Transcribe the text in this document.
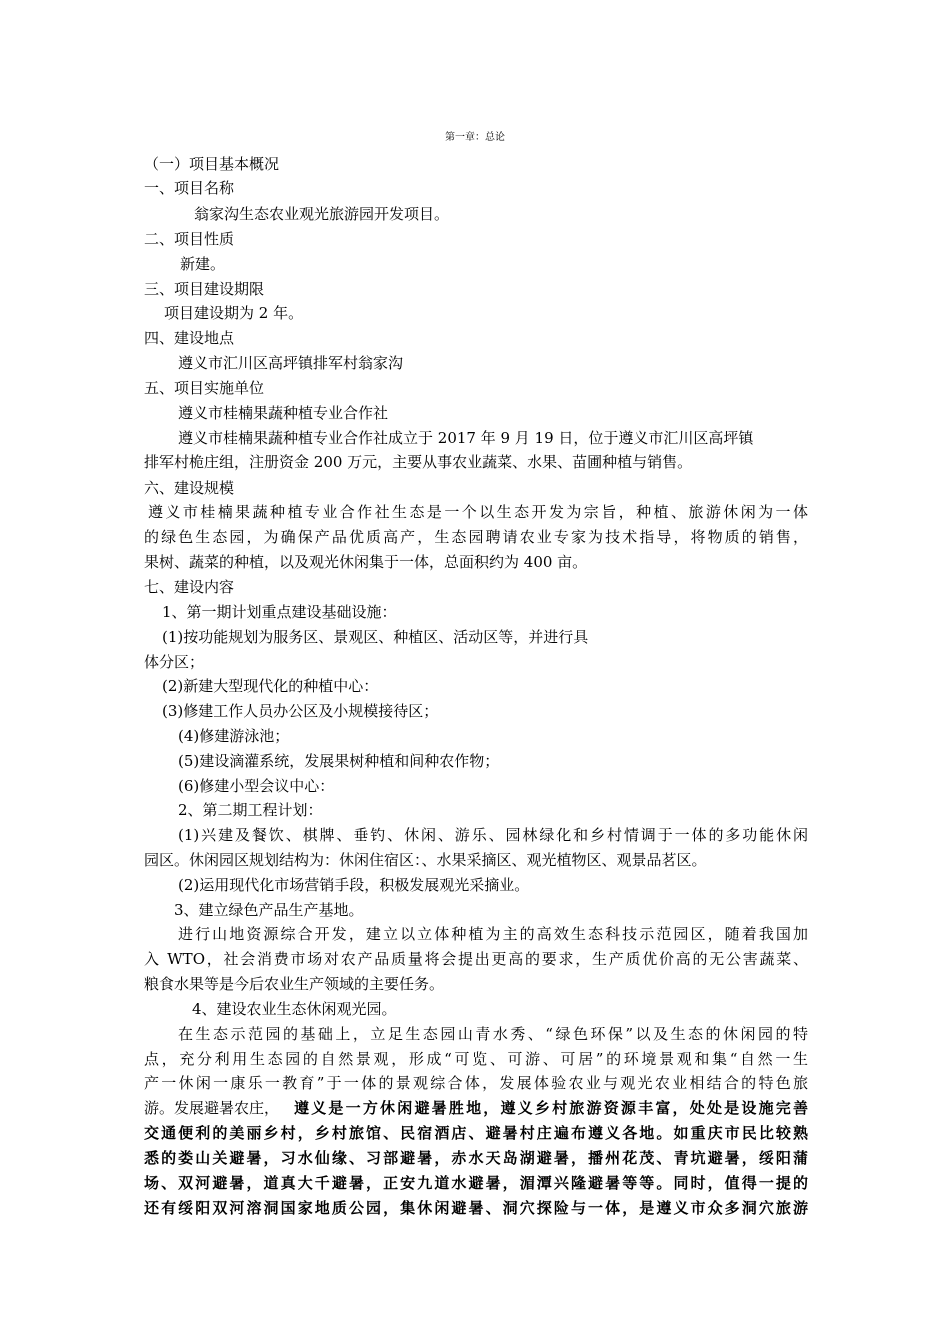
第一章：总论
（一）项目基本概况
一、项目名称
翁家沟生态农业观光旅游园开发项目。
二、项目性质
新建。
三、项目建设期限
项目建设期为 2 年。
四、建设地点
遵义市汇川区高坪镇排军村翁家沟
五、项目实施单位
遵义市桂楠果蔬种植专业合作社
遵义市桂楠果蔬种植专业合作社成立于 2017 年 9 月 19 日，位于遵义市汇川区高坪镇
排军村桅庄组，注册资金 200 万元，主要从事农业蔬菜、水果、苗圃种植与销售。
六、建设规模
遵义市桂楠果蔬种植专业合作社生态是一个以生态开发为宗旨，种植、旅游休闲为一体
的绿色生态园，为确保产品优质高产，生态园聘请农业专家为技术指导，将物质的销售，
果树、蔬菜的种植，以及观光休闲集于一体，总面积约为 400 亩。
七、建设内容
1、第一期计划重点建设基础设施：
(1)按功能规划为服务区、景观区、种植区、活动区等，并进行具
体分区；
(2)新建大型现代化的种植中心：
(3)修建工作人员办公区及小规模接待区；
(4)修建游泳池；
(5)建设滴灌系统，发展果树种植和间种农作物；
(6)修建小型会议中心：
2、第二期工程计划：
(1)兴建及餐饮、棋牌、垂钓、休闲、游乐、园林绿化和乡村情调于一体的多功能休闲
园区。休闲园区规划结构为：休闲住宿区：、水果采摘区、观光植物区、观景品茗区。
(2)运用现代化市场营销手段，积极发展观光采摘业。
3、建立绿色产品生产基地。
进行山地资源综合开发，建立以立体种植为主的高效生态科技示范园区，随着我国加
入 WTO，社会消费市场对农产品质量将会提出更高的要求，生产质优价高的无公害蔬菜、
粮食水果等是今后农业生产领域的主要任务。
4、建设农业生态休闲观光园。
在生态示范园的基础上，立足生态园山青水秀、“绿色环保”以及生态的休闲园的特
点，充分利用生态园的自然景观，形成“可览、可游、可居”的环境景观和集“自然一生
产一休闲一康乐一教育”于一体的景观综合体，发展体验农业与观光农业相结合的特色旅
游。发展避暑农庄， 遵义是一方休闲避暑胜地，遵义乡村旅游资源丰富，处处是设施完善
交通便利的美丽乡村，乡村旅馆、民宿酒店、避暑村庄遍布遵义各地。如重庆市民比较熟
悉的娄山关避暑，习水仙缘、习部避暑，赤水天岛湖避暑，播州花茂、青坑避暑，绥阳蒲
场、双河避暑，道真大千避暑，正安九道水避暑，湄潭兴隆避暑等等。同时，值得一提的
还有绥阳双河溶洞国家地质公园，集休闲避暑、洞穴探险与一体，是遵义市众多洞穴旅游
